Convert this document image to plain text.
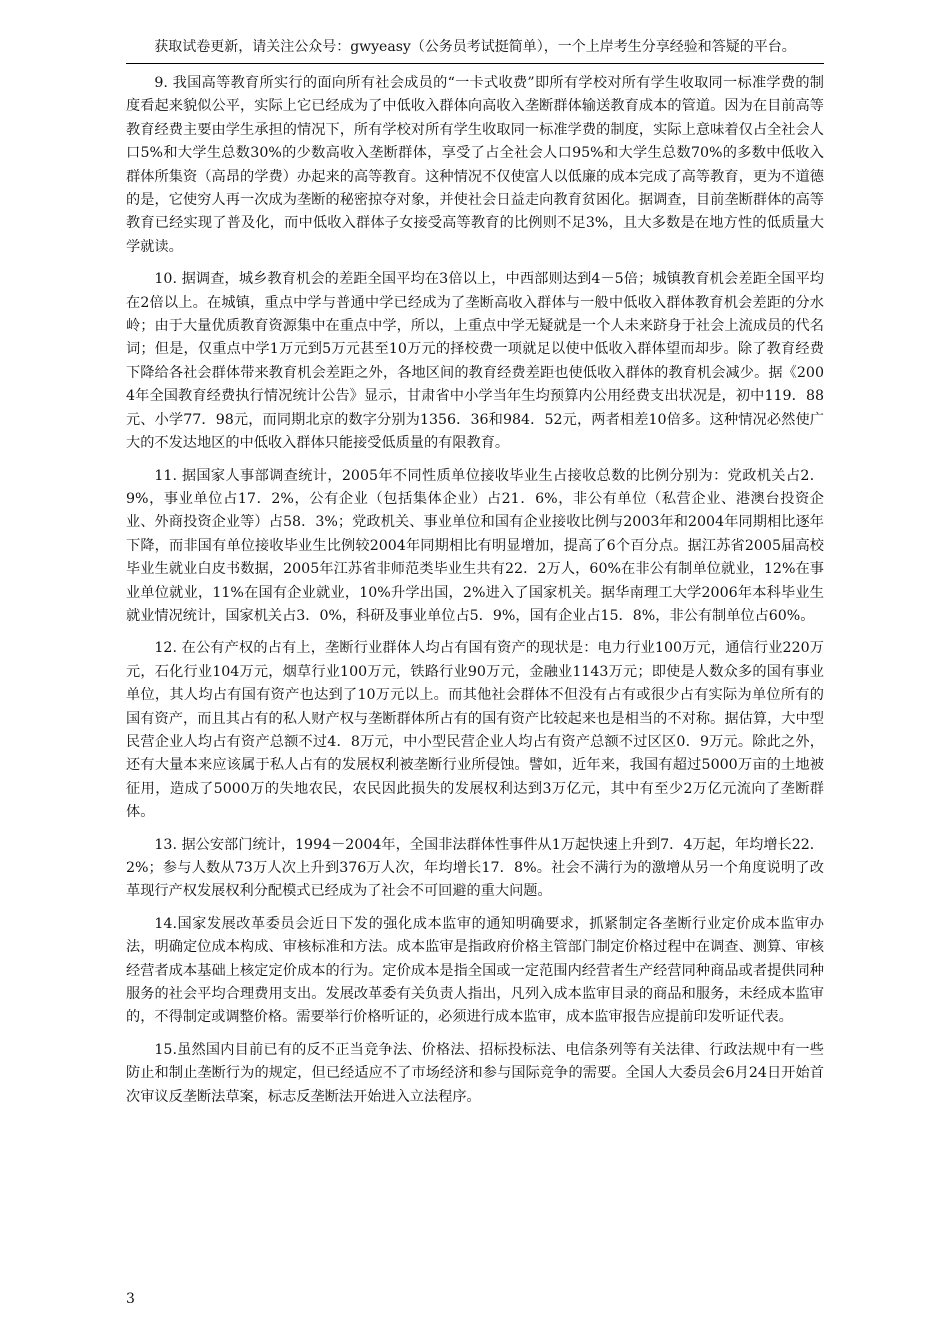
获取试卷更新，请关注公众号：gwyeasy（公务员考试挺简单），一个上岸考生分享经验和答疑的平台。

9. 我国高等教育所实行的面向所有社会成员的“一卡式收费”即所有学校对所有学生收取同一标准学费的制度看起来貌似公平，实际上它已经成为了中低收入群体向高收入垄断群体输送教育成本的管道。因为在目前高等教育经费主要由学生承担的情况下，所有学校对所有学生收取同一标准学费的制度，实际上意味着仅占全社会人口5%和大学生总数30%的少数高收入垄断群体，享受了占全社会人口95%和大学生总数70%的多数中低收入群体所集资（高昂的学费）办起来的高等教育。这种情况不仅使富人以低廉的成本完成了高等教育，更为不道德的是，它使穷人再一次成为垄断的秘密掠夺对象，并使社会日益走向教育贫困化。据调查，目前垄断群体的高等教育已经实现了普及化，而中低收入群体子女接受高等教育的比例则不足3%，且大多数是在地方性的低质量大学就读。

10. 据调查，城乡教育机会的差距全国平均在3倍以上，中西部则达到4－5倍；城镇教育机会差距全国平均在2倍以上。在城镇，重点中学与普通中学已经成为了垄断高收入群体与一般中低收入群体教育机会差距的分水岭；由于大量优质教育资源集中在重点中学，所以，上重点中学无疑就是一个人未来跻身于社会上流成员的代名词；但是，仅重点中学1万元到5万元甚至10万元的择校费一项就足以使中低收入群体望而却步。除了教育经费下降给各社会群体带来教育机会差距之外，各地区间的教育经费差距也使低收入群体的教育机会减少。据《2004年全国教育经费执行情况统计公告》显示，甘肃省中小学当年生均预算内公用经费支出状况是，初中119．88元、小学77．98元，而同期北京的数字分别为1356．36和984．52元，两者相差10倍多。这种情况必然使广大的不发达地区的中低收入群体只能接受低质量的有限教育。

11. 据国家人事部调查统计，2005年不同性质单位接收毕业生占接收总数的比例分别为：党政机关占2．9%，事业单位占17．2%，公有企业（包括集体企业）占21．6%，非公有单位（私营企业、港澳台投资企业、外商投资企业等）占58．3%；党政机关、事业单位和国有企业接收比例与2003年和2004年同期相比逐年下降，而非国有单位接收毕业生比例较2004年同期相比有明显增加，提高了6个百分点。据江苏省2005届高校毕业生就业白皮书数据，2005年江苏省非师范类毕业生共有22．2万人，60%在非公有制单位就业，12%在事业单位就业，11%在国有企业就业，10%升学出国，2%进入了国家机关。据华南理工大学2006年本科毕业生就业情况统计，国家机关占3．0%，科研及事业单位占5．9%，国有企业占15．8%，非公有制单位占60%。

12. 在公有产权的占有上，垄断行业群体人均占有国有资产的现状是：电力行业100万元，通信行业220万元，石化行业104万元，烟草行业100万元，铁路行业90万元，金融业1143万元；即使是人数众多的国有事业单位，其人均占有国有资产也达到了10万元以上。而其他社会群体不但没有占有或很少占有实际为单位所有的国有资产，而且其占有的私人财产权与垄断群体所占有的国有资产比较起来也是相当的不对称。据估算，大中型民营企业人均占有资产总额不过4．8万元，中小型民营企业人均占有资产总额不过区区0．9万元。除此之外，还有大量本来应该属于私人占有的发展权利被垄断行业所侵蚀。譬如，近年来，我国有超过5000万亩的土地被征用，造成了5000万的失地农民，农民因此损失的发展权利达到3万亿元，其中有至少2万亿元流向了垄断群体。

13. 据公安部门统计，1994－2004年，全国非法群体性事件从1万起快速上升到7．4万起，年均增长22．2%；参与人数从73万人次上升到376万人次，年均增长17．8%。社会不满行为的激增从另一个角度说明了改革现行产权发展权利分配模式已经成为了社会不可回避的重大问题。

14.国家发展改革委员会近日下发的强化成本监审的通知明确要求，抓紧制定各垄断行业定价成本监审办法，明确定位成本构成、审核标准和方法。成本监审是指政府价格主管部门制定价格过程中在调查、测算、审核经营者成本基础上核定定价成本的行为。定价成本是指全国或一定范围内经营者生产经营同种商品或者提供同种服务的社会平均合理费用支出。发展改革委有关负责人指出，凡列入成本监审目录的商品和服务，未经成本监审的，不得制定或调整价格。需要举行价格听证的，必须进行成本监审，成本监审报告应提前印发听证代表。

15.虽然国内目前已有的反不正当竞争法、价格法、招标投标法、电信条列等有关法律、行政法规中有一些防止和制止垄断行为的规定，但已经适应不了市场经济和参与国际竞争的需要。全国人大委员会6月24日开始首次审议反垄断法草案，标志反垄断法开始进入立法程序。

3
